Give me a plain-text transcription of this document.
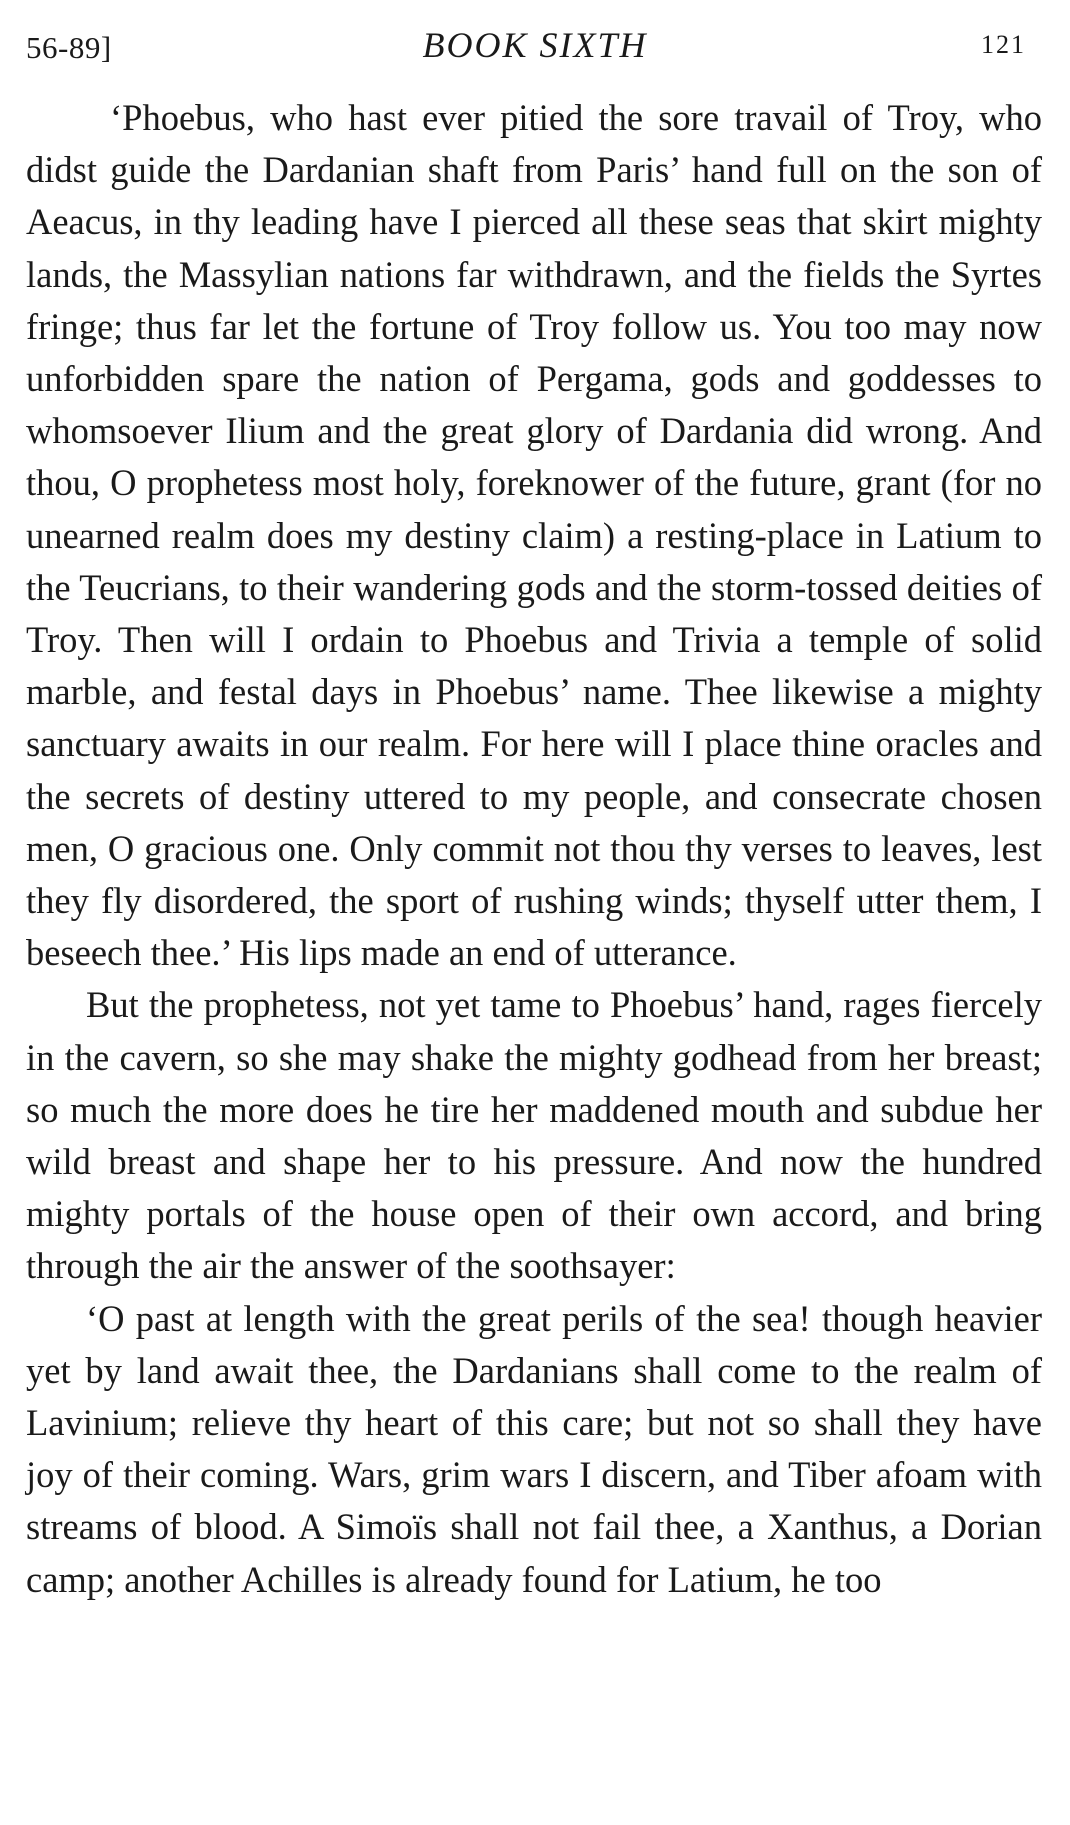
56-89]	BOOK SIXTH	121

‘Phoebus, who hast ever pitied the sore travail of Troy, who didst guide the Dardanian shaft from Paris’ hand full on the son of Aeacus, in thy leading have I pierced all these seas that skirt mighty lands, the Massylian nations far withdrawn, and the fields the Syrtes fringe; thus far let the fortune of Troy follow us. You too may now unforbidden spare the nation of Pergama, gods and goddesses to whomsoever Ilium and the great glory of Dardania did wrong. And thou, O prophetess most holy, foreknower of the future, grant (for no unearned realm does my destiny claim) a resting-place in Latium to the Teucrians, to their wandering gods and the storm-tossed deities of Troy. Then will I ordain to Phoebus and Trivia a temple of solid marble, and festal days in Phoebus’ name. Thee likewise a mighty sanctuary awaits in our realm. For here will I place thine oracles and the secrets of destiny uttered to my people, and consecrate chosen men, O gracious one. Only commit not thou thy verses to leaves, lest they fly disordered, the sport of rushing winds; thyself utter them, I beseech thee.’ His lips made an end of utterance.

But the prophetess, not yet tame to Phoebus’ hand, rages fiercely in the cavern, so she may shake the mighty godhead from her breast; so much the more does he tire her maddened mouth and subdue her wild breast and shape her to his pressure. And now the hundred mighty portals of the house open of their own accord, and bring through the air the answer of the soothsayer:

‘O past at length with the great perils of the sea! though heavier yet by land await thee, the Dardanians shall come to the realm of Lavinium; relieve thy heart of this care; but not so shall they have joy of their coming. Wars, grim wars I discern, and Tiber afoam with streams of blood. A Simoïs shall not fail thee, a Xanthus, a Dorian camp; another Achilles is already found for Latium, he too
